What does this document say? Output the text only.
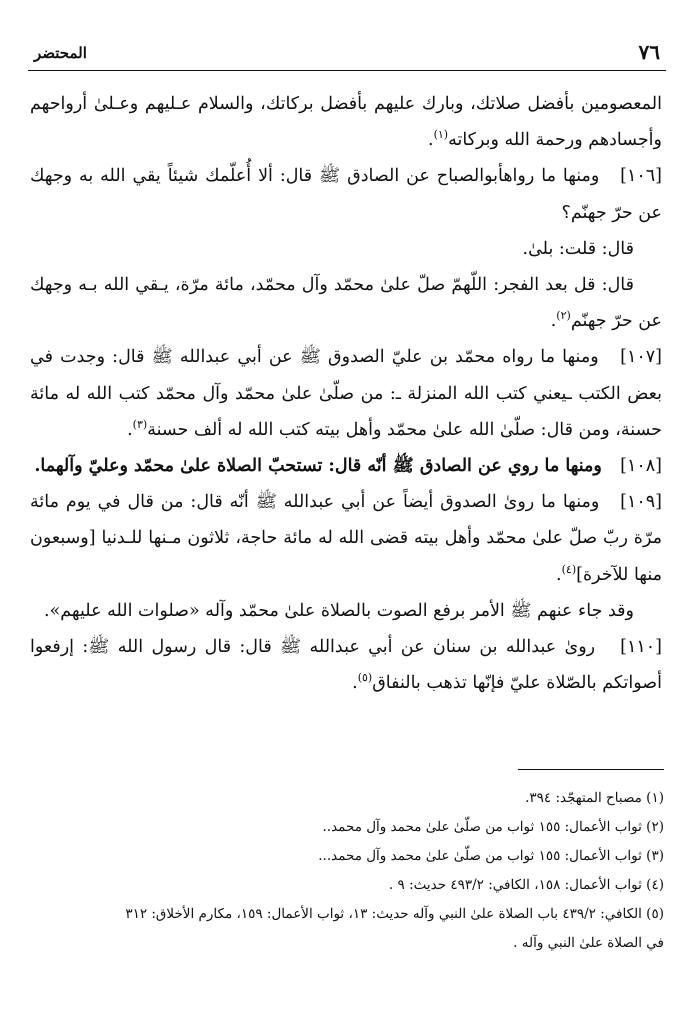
٧٦
المحتضر

المعصومين بأفضل صلاتك، وبارك عليهم بأفضل بركاتك، والسلام عـليهم وعـلىٰ أرواحهم وأجسادهم ورحمة الله وبركاته$^{(١)}$.

[١٠٦]   ومنها ما رواهأبوالصباح عن الصادق ﷺ قال: ألا أُعلّمك شيئاً يقي الله به وجهك عن حرّ جهنّم؟

قال: قلت: بلىٰ.

قال: قل بعد الفجر: اللّهمّ صلّ علىٰ محمّد وآل محمّد، مائة مرّة، يـقي الله بـه وجهك عن حرّ جهنّم$^{(٢)}$.

[١٠٧]   ومنها ما رواه محمّد بن عليّ الصدوق ﷺ عن أبي عبدالله ﷺ قال: وجدت في بعض الكتب ـيعني كتب الله المنزلة ـ: من صلّىٰ علىٰ محمّد وآل محمّد كتب الله له مائة حسنة، ومن قال: صلّىٰ الله علىٰ محمّد وأهل بيته كتب الله له ألف حسنة$^{(٣)}$.

[١٠٨]   ومنها ما روي عن الصادق ﷺ أنّه قال: تستحبّ الصلاة علىٰ محمّد وعليّ وآلهما.

[١٠٩]   ومنها ما رویٰ الصدوق أيضاً عن أبي عبدالله ﷺ أنّه قال: من قال في يوم مائة مرّة ربّ صلّ علىٰ محمّد وأهل بيته قضى الله له مائة حاجة، ثلاثون مـنها للـدنيا [وسبعون منها للآخرة]$^{(٤)}$.

وقد جاء عنهم ﷺ الأمر برفع الصوت بالصلاة علىٰ محمّد وآله «صلوات الله عليهم».

[١١٠]   رویٰ عبدالله بن سنان عن أبي عبدالله ﷺ قال: قال رسول الله ﷺ: إرفعوا أصواتكم بالصّلاة عليّ فإنّها تذهب بالنفاق$^{(٥)}$.

(١) مصباح المتهجّد: ٣٩٤.

(٢) ثواب الأعمال: ١٥٥ ثواب من صلّىٰ علىٰ محمد وآل محمد..

(٣) ثواب الأعمال: ١٥٥ ثواب من صلّىٰ علىٰ محمد وآل محمد...

(٤) ثواب الأعمال: ١٥٨، الكافي: ٤٩٣/٢ حديث: ٩ .

(٥) الكافي: ٤٣٩/٢ باب الصلاة علىٰ النبي وآله حديث: ١٣، ثواب الأعمال: ١٥٩، مكارم الأخلاق: ٣١٢

في الصلاة علىٰ النبي وآله .
